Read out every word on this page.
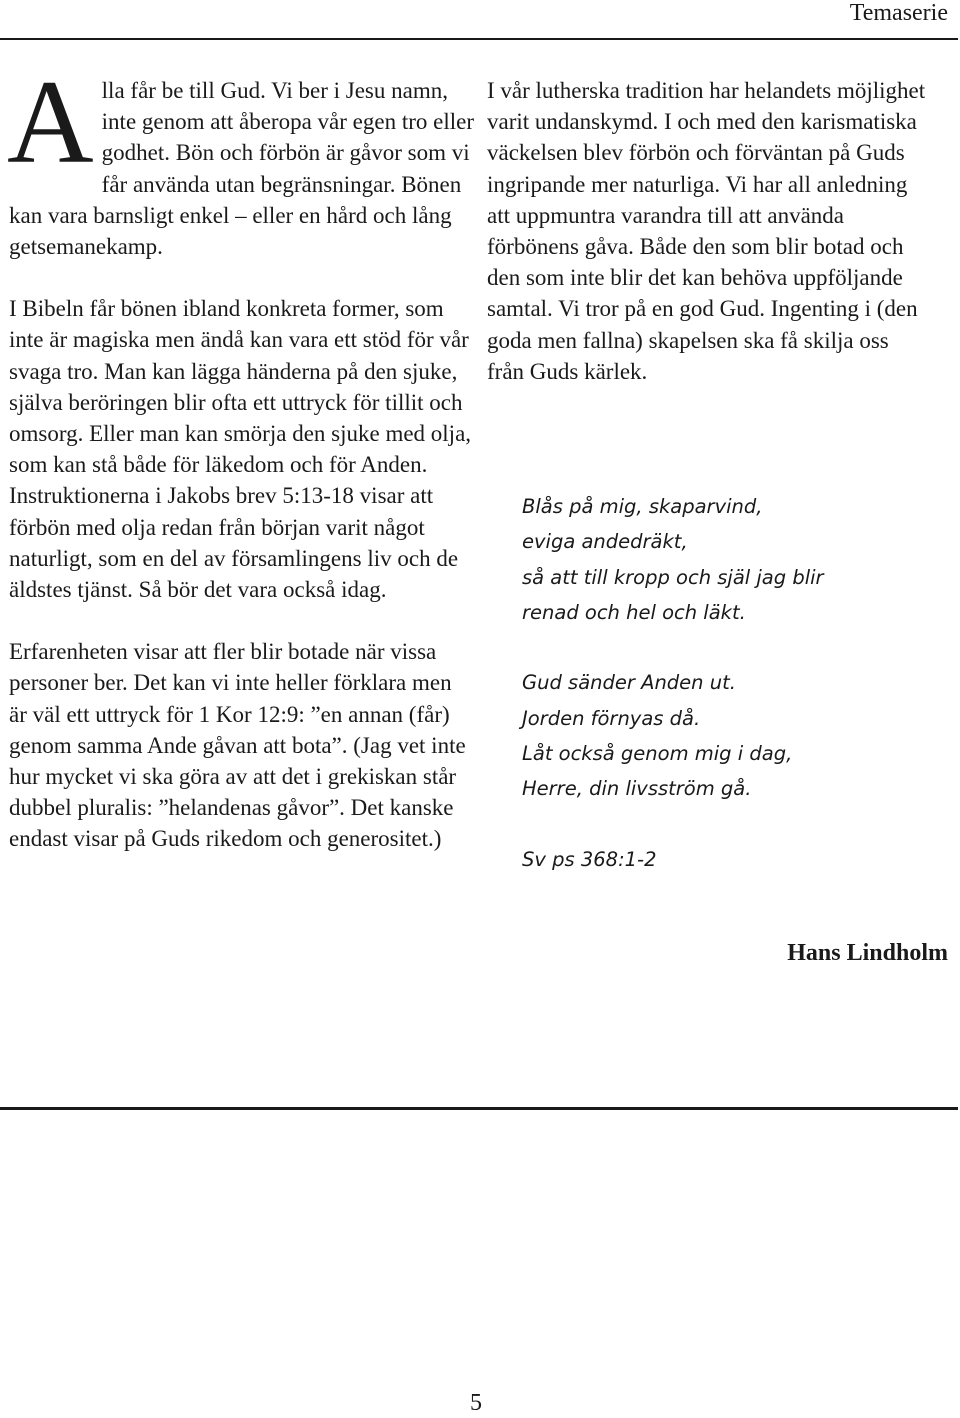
Temaserie

Alla får be till Gud. Vi ber i Jesu namn, inte genom att åberopa vår egen tro eller godhet. Bön och förbön är gåvor som vi får använda utan begränsningar. Bönen kan vara barnsligt enkel – eller en hård och lång getsemanekamp.

I Bibeln får bönen ibland konkreta former, som inte är magiska men ändå kan vara ett stöd för vår svaga tro. Man kan lägga händerna på den sjuke, själva beröringen blir ofta ett uttryck för tillit och omsorg. Eller man kan smörja den sjuke med olja, som kan stå både för läkedom och för Anden. Instruktionerna i Jakobs brev 5:13-18 visar att förbön med olja redan från början varit något naturligt, som en del av församlingens liv och de äldstes tjänst. Så bör det vara också idag.

Erfarenheten visar att fler blir botade när vissa personer ber. Det kan vi inte heller förklara men är väl ett uttryck för 1 Kor 12:9: ”en annan (får) genom samma Ande gåvan att bota”. (Jag vet inte hur mycket vi ska göra av att det i grekiskan står dubbel pluralis: ”helandenas gåvor”. Det kanske endast visar på Guds rikedom och generositet.)

I vår lutherska tradition har helandets möjlighet varit undanskymd. I och med den karismatiska väckelsen blev förbön och förväntan på Guds ingripande mer naturliga. Vi har all anledning att uppmuntra varandra till att använda förbönens gåva. Både den som blir botad och den som inte blir det kan behöva uppföljande samtal. Vi tror på en god Gud. Ingenting i (den goda men fallna) skapelsen ska få skilja oss från Guds kärlek.

Blås på mig, skaparvind,
eviga andedräkt,
så att till kropp och själ jag blir
renad och hel och läkt.
Gud sänder Anden ut.
Jorden förnyas då.
Låt också genom mig i dag,
Herre, din livsström gå.
Sv ps 368:1-2
Hans Lindholm
5
